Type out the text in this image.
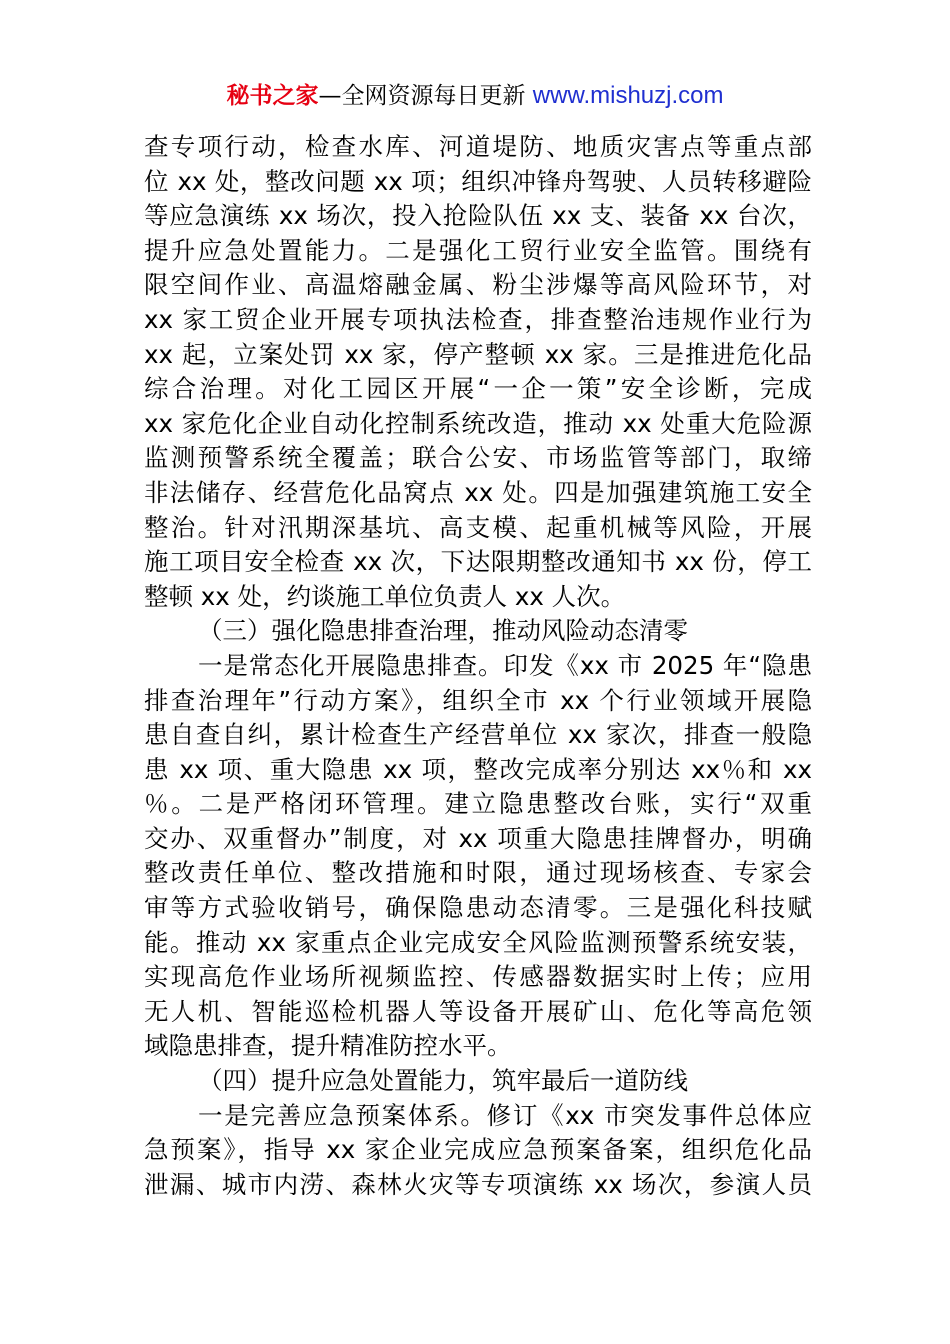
秘书之家—全网资源每日更新 www.mishuzj.com
查专项行动，检查水库、河道堤防、地质灾害点等重点部
位 xx 处，整改问题 xx 项；组织冲锋舟驾驶、人员转移避险
等应急演练 xx 场次，投入抢险队伍 xx 支、装备 xx 台次，
提升应急处置能力。二是强化工贸行业安全监管。围绕有
限空间作业、高温熔融金属、粉尘涉爆等高风险环节，对
xx 家工贸企业开展专项执法检查，排查整治违规作业行为
xx 起，立案处罚 xx 家，停产整顿 xx 家。三是推进危化品
综合治理。对化工园区开展“一企一策”安全诊断，完成
xx 家危化企业自动化控制系统改造，推动 xx 处重大危险源
监测预警系统全覆盖；联合公安、市场监管等部门，取缔
非法储存、经营危化品窝点 xx 处。四是加强建筑施工安全
整治。针对汛期深基坑、高支模、起重机械等风险，开展
施工项目安全检查 xx 次，下达限期整改通知书 xx 份，停工
整顿 xx 处，约谈施工单位负责人 xx 人次。
（三）强化隐患排查治理，推动风险动态清零
一是常态化开展隐患排查。印发《xx 市 2025 年“隐患
排查治理年”行动方案》，组织全市 xx 个行业领域开展隐
患自查自纠，累计检查生产经营单位 xx 家次，排查一般隐
患 xx 项、重大隐患 xx 项，整改完成率分别达 xx％和 xx
％。二是严格闭环管理。建立隐患整改台账，实行“双重
交办、双重督办”制度，对 xx 项重大隐患挂牌督办，明确
整改责任单位、整改措施和时限，通过现场核查、专家会
审等方式验收销号，确保隐患动态清零。三是强化科技赋
能。推动 xx 家重点企业完成安全风险监测预警系统安装，
实现高危作业场所视频监控、传感器数据实时上传；应用
无人机、智能巡检机器人等设备开展矿山、危化等高危领
域隐患排查，提升精准防控水平。
（四）提升应急处置能力，筑牢最后一道防线
一是完善应急预案体系。修订《xx 市突发事件总体应
急预案》，指导 xx 家企业完成应急预案备案，组织危化品
泄漏、城市内涝、森林火灾等专项演练 xx 场次，参演人员
